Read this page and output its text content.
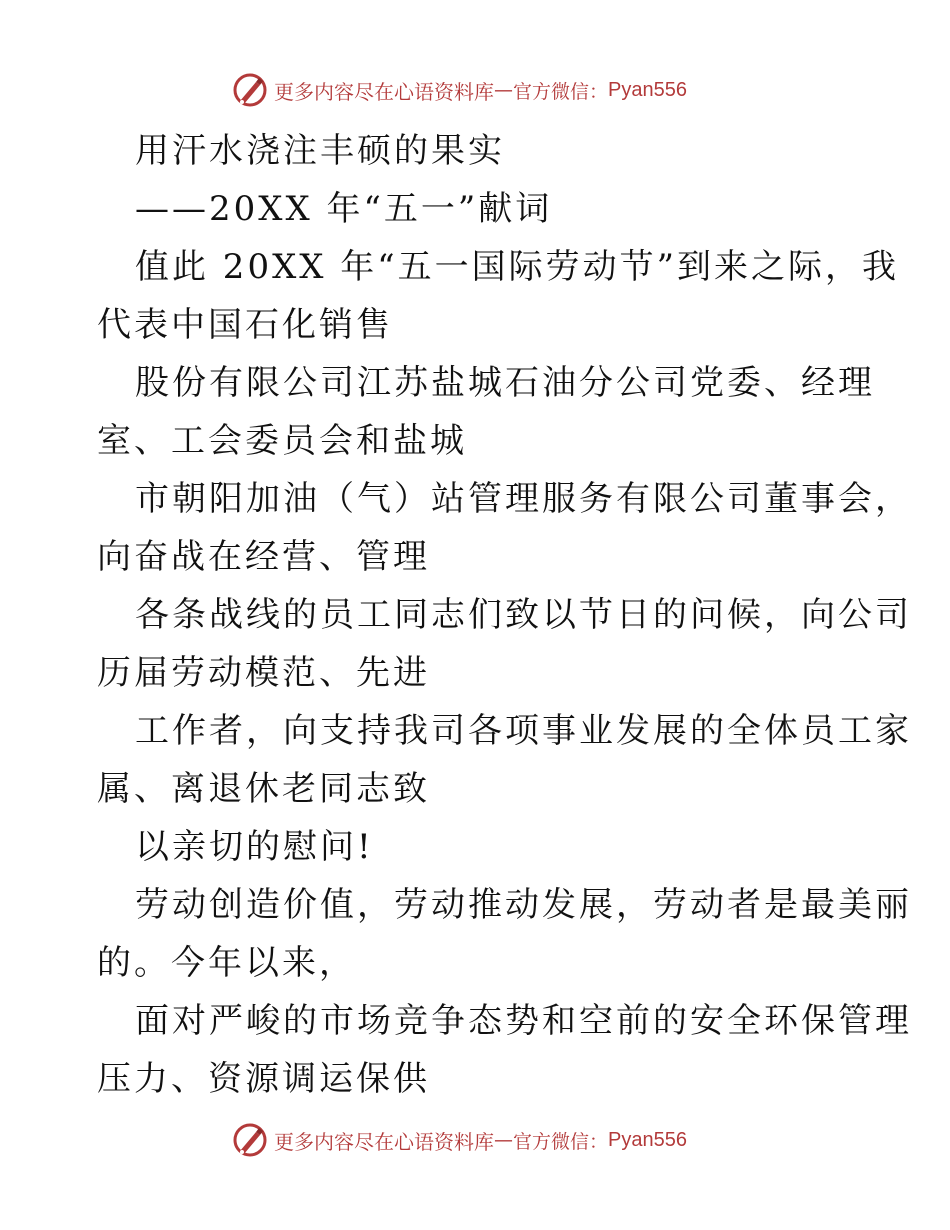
更多内容尽在心语资料库 — 官方微信： Pyan556
用汗水浇注丰硕的果实
——20XX 年“五一”献词
值此 20XX 年“五一国际劳动节”到来之际，我
代表中国石化销售
股份有限公司江苏盐城石油分公司党委、经理
室、工会委员会和盐城
市朝阳加油（气）站管理服务有限公司董事会，
向奋战在经营、管理
各条战线的员工同志们致以节日的问候，向公司
历届劳动模范、先进
工作者，向支持我司各项事业发展的全体员工家
属、离退休老同志致
以亲切的慰问!
劳动创造价值，劳动推动发展，劳动者是最美丽
的。今年以来，
面对严峻的市场竞争态势和空前的安全环保管理
压力、资源调运保供
更多内容尽在心语资料库 — 官方微信： Pyan556
